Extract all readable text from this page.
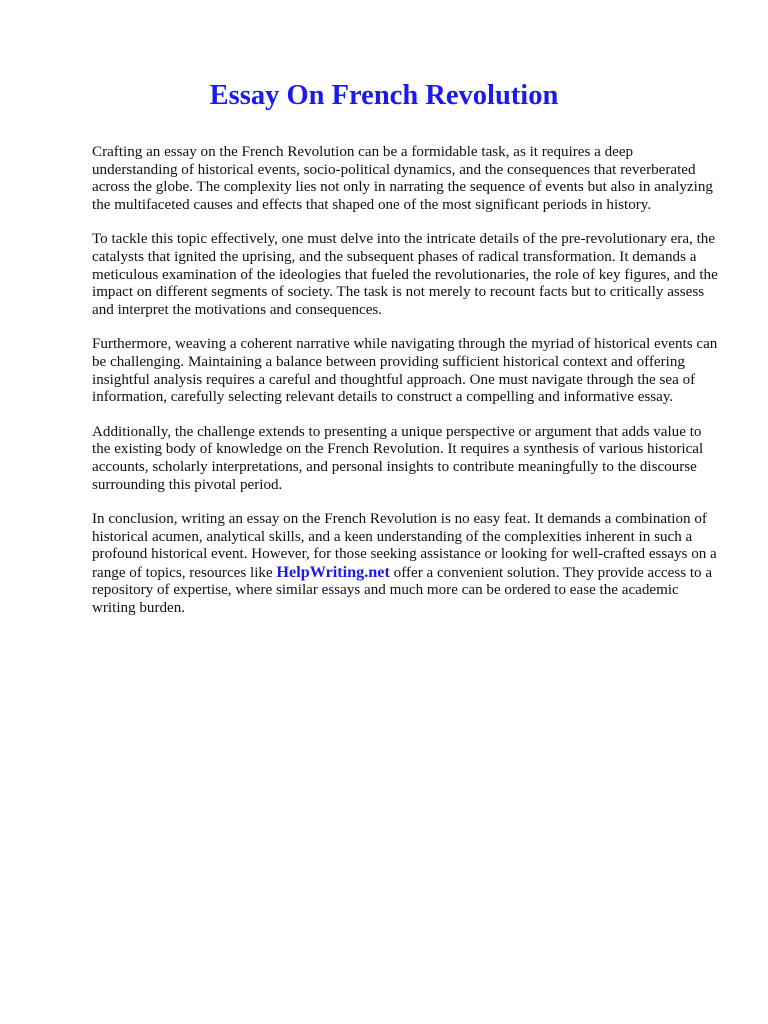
Essay On French Revolution

Crafting an essay on the French Revolution can be a formidable task, as it requires a deep understanding of historical events, socio-political dynamics, and the consequences that reverberated across the globe. The complexity lies not only in narrating the sequence of events but also in analyzing the multifaceted causes and effects that shaped one of the most significant periods in history.

To tackle this topic effectively, one must delve into the intricate details of the pre-revolutionary era, the catalysts that ignited the uprising, and the subsequent phases of radical transformation. It demands a meticulous examination of the ideologies that fueled the revolutionaries, the role of key figures, and the impact on different segments of society. The task is not merely to recount facts but to critically assess and interpret the motivations and consequences.

Furthermore, weaving a coherent narrative while navigating through the myriad of historical events can be challenging. Maintaining a balance between providing sufficient historical context and offering insightful analysis requires a careful and thoughtful approach. One must navigate through the sea of information, carefully selecting relevant details to construct a compelling and informative essay.

Additionally, the challenge extends to presenting a unique perspective or argument that adds value to the existing body of knowledge on the French Revolution. It requires a synthesis of various historical accounts, scholarly interpretations, and personal insights to contribute meaningfully to the discourse surrounding this pivotal period.

In conclusion, writing an essay on the French Revolution is no easy feat. It demands a combination of historical acumen, analytical skills, and a keen understanding of the complexities inherent in such a profound historical event. However, for those seeking assistance or looking for well-crafted essays on a range of topics, resources like HelpWriting.net offer a convenient solution. They provide access to a repository of expertise, where similar essays and much more can be ordered to ease the academic writing burden.
